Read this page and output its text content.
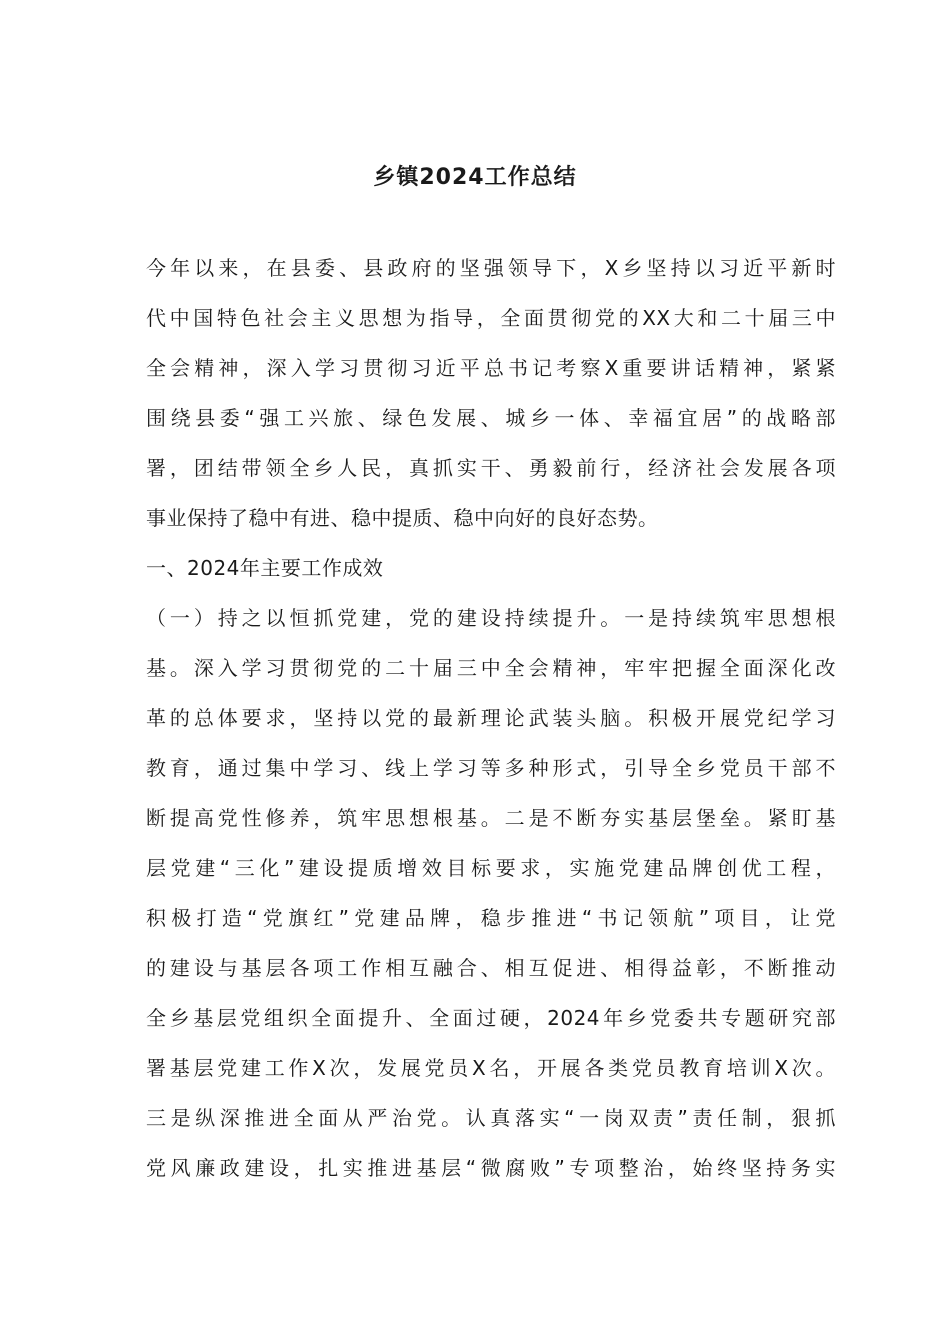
乡镇2024工作总结
今年以来，在县委、县政府的坚强领导下，X乡坚持以习近平新时
代中国特色社会主义思想为指导，全面贯彻党的XX大和二十届三中
全会精神，深入学习贯彻习近平总书记考察X重要讲话精神，紧紧
围绕县委“强工兴旅、绿色发展、城乡一体、幸福宜居”的战略部
署，团结带领全乡人民，真抓实干、勇毅前行，经济社会发展各项
事业保持了稳中有进、稳中提质、稳中向好的良好态势。
一、2024年主要工作成效
（一）持之以恒抓党建，党的建设持续提升。一是持续筑牢思想根
基。深入学习贯彻党的二十届三中全会精神，牢牢把握全面深化改
革的总体要求，坚持以党的最新理论武装头脑。积极开展党纪学习
教育，通过集中学习、线上学习等多种形式，引导全乡党员干部不
断提高党性修养，筑牢思想根基。二是不断夯实基层堡垒。紧盯基
层党建“三化”建设提质增效目标要求，实施党建品牌创优工程，
积极打造“党旗红”党建品牌，稳步推进“书记领航”项目，让党
的建设与基层各项工作相互融合、相互促进、相得益彰，不断推动
全乡基层党组织全面提升、全面过硬，2024年乡党委共专题研究部
署基层党建工作X次，发展党员X名，开展各类党员教育培训X次。
三是纵深推进全面从严治党。认真落实“一岗双责”责任制，狠抓
党风廉政建设，扎实推进基层“微腐败”专项整治，始终坚持务实
